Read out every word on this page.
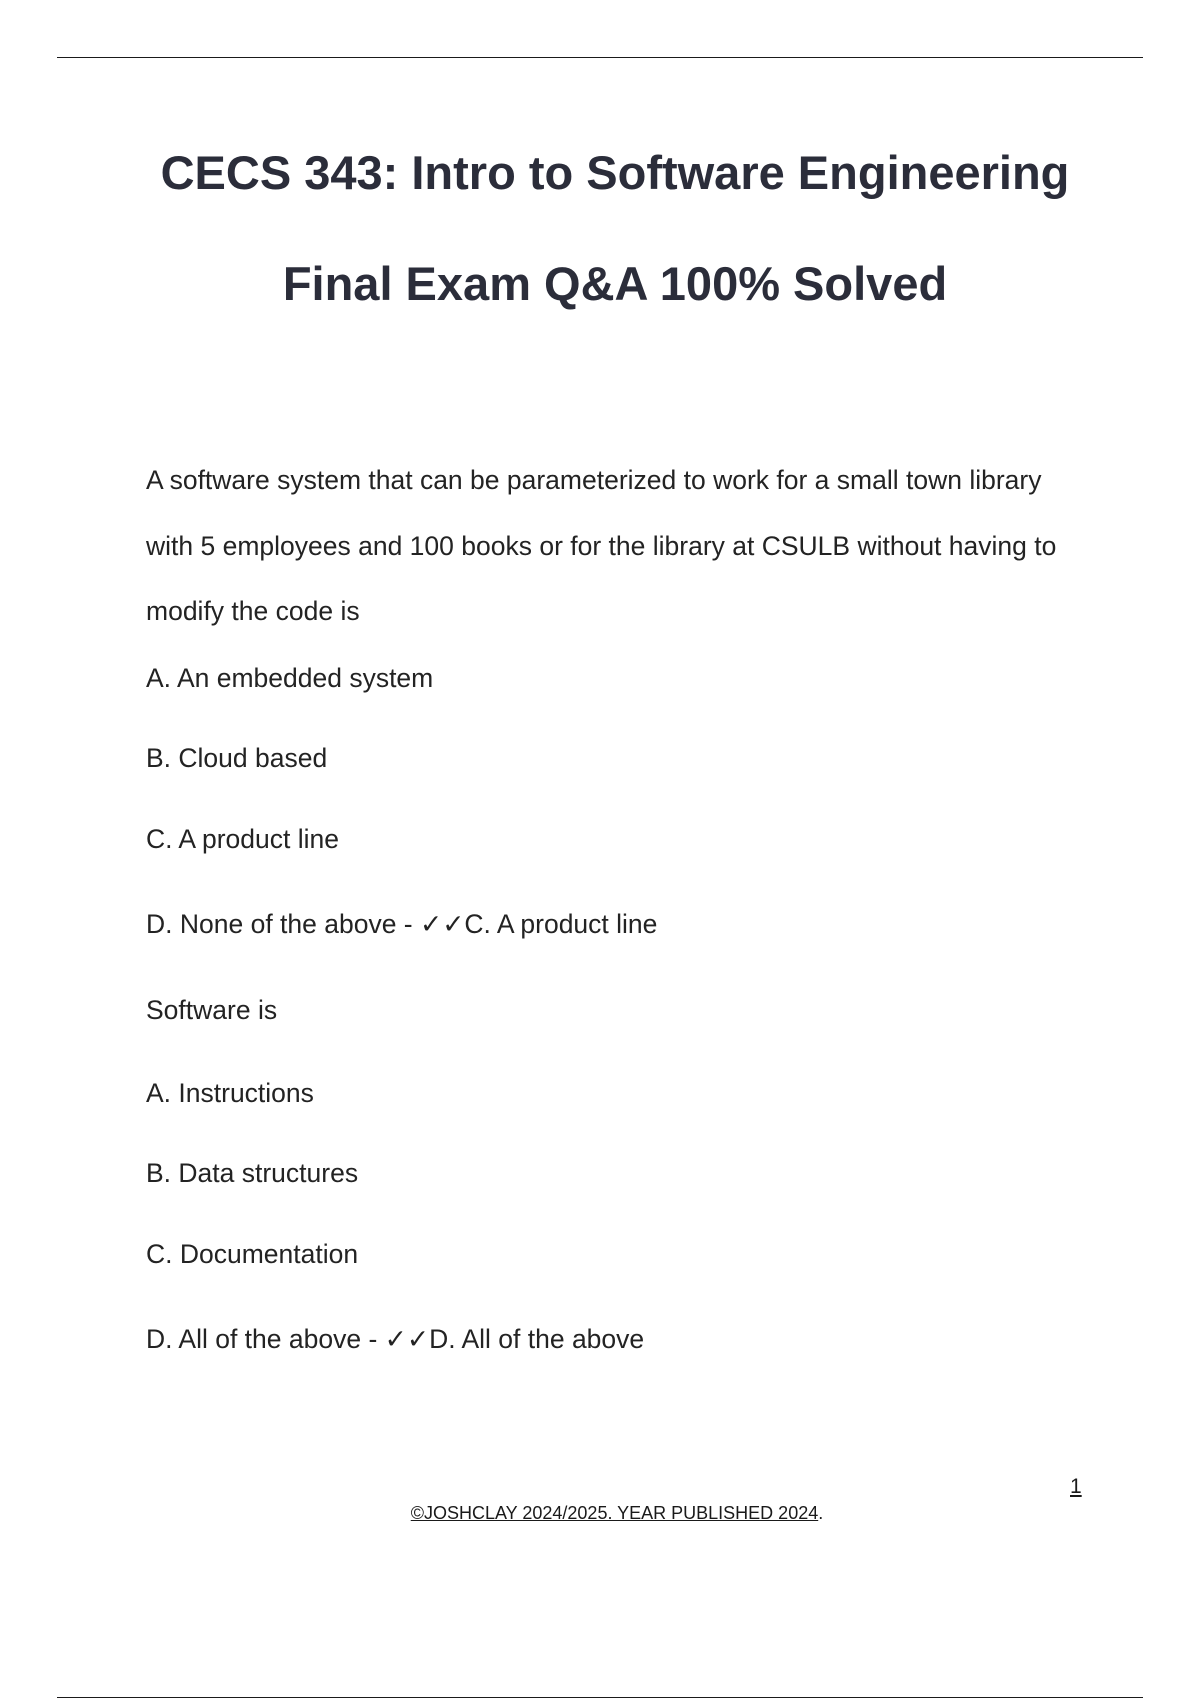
CECS 343: Intro to Software Engineering
Final Exam Q&A 100% Solved

A software system that can be parameterized to work for a small town library with 5 employees and 100 books or for the library at CSULB without having to modify the code is

A. An embedded system

B. Cloud based

C. A product line

D. None of the above - ✓✓C. A product line

Software is

A. Instructions

B. Data structures

C. Documentation

D. All of the above - ✓✓D. All of the above

1
©JOSHCLAY 2024/2025. YEAR PUBLISHED 2024.
